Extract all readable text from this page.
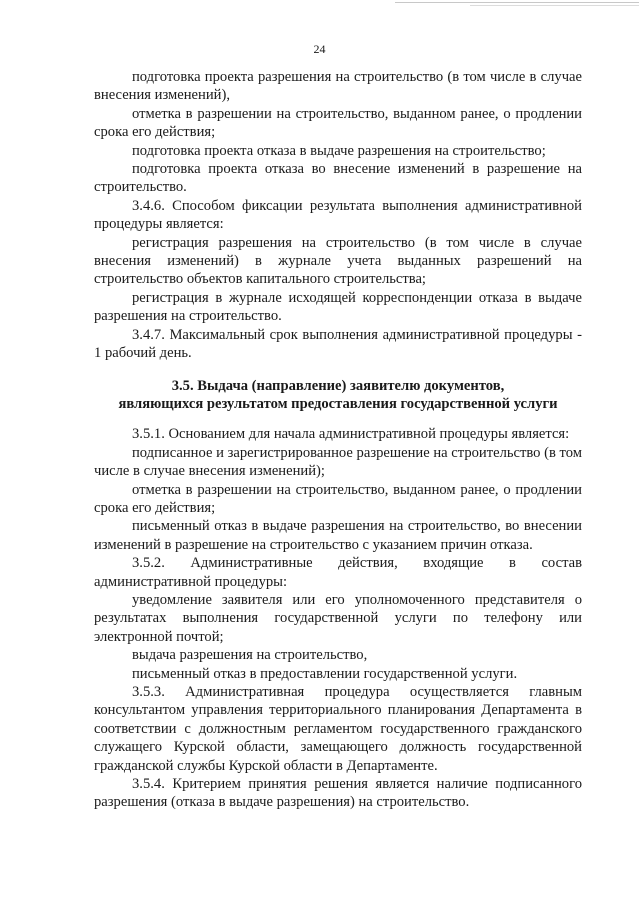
24

подготовка проекта разрешения на строительство (в том числе в случае внесения изменений),

отметка в разрешении на строительство, выданном ранее, о продлении срока его действия;

подготовка проекта отказа в выдаче разрешения на строительство;

подготовка проекта отказа во внесение изменений в разрешение на строительство.

3.4.6. Способом фиксации результата выполнения административной процедуры является:

регистрация разрешения на строительство (в том числе в случае внесения изменений) в журнале учета выданных разрешений на строительство объектов капитального строительства;

регистрация в журнале исходящей корреспонденции отказа в выдаче разрешения на строительство.

3.4.7. Максимальный срок выполнения административной процедуры - 1 рабочий день.

3.5. Выдача (направление) заявителю документов,
являющихся результатом предоставления государственной услуги

3.5.1. Основанием для начала административной процедуры является:

подписанное и зарегистрированное разрешение на строительство (в том числе в случае внесения изменений);

отметка в разрешении на строительство, выданном ранее, о продлении срока его действия;

письменный отказ в выдаче разрешения на строительство, во внесении изменений в разрешение на строительство с указанием причин отказа.

3.5.2. Административные действия, входящие в состав административной процедуры:

уведомление заявителя или его уполномоченного представителя о результатах выполнения государственной услуги по телефону или электронной почтой;

выдача разрешения на строительство,

письменный отказ в предоставлении государственной услуги.

3.5.3. Административная процедура осуществляется главным консультантом управления территориального планирования Департамента в соответствии с должностным регламентом государственного гражданского служащего Курской области, замещающего должность государственной гражданской службы Курской области в Департаменте.

3.5.4. Критерием принятия решения является наличие подписанного разрешения (отказа в выдаче разрешения) на строительство.
